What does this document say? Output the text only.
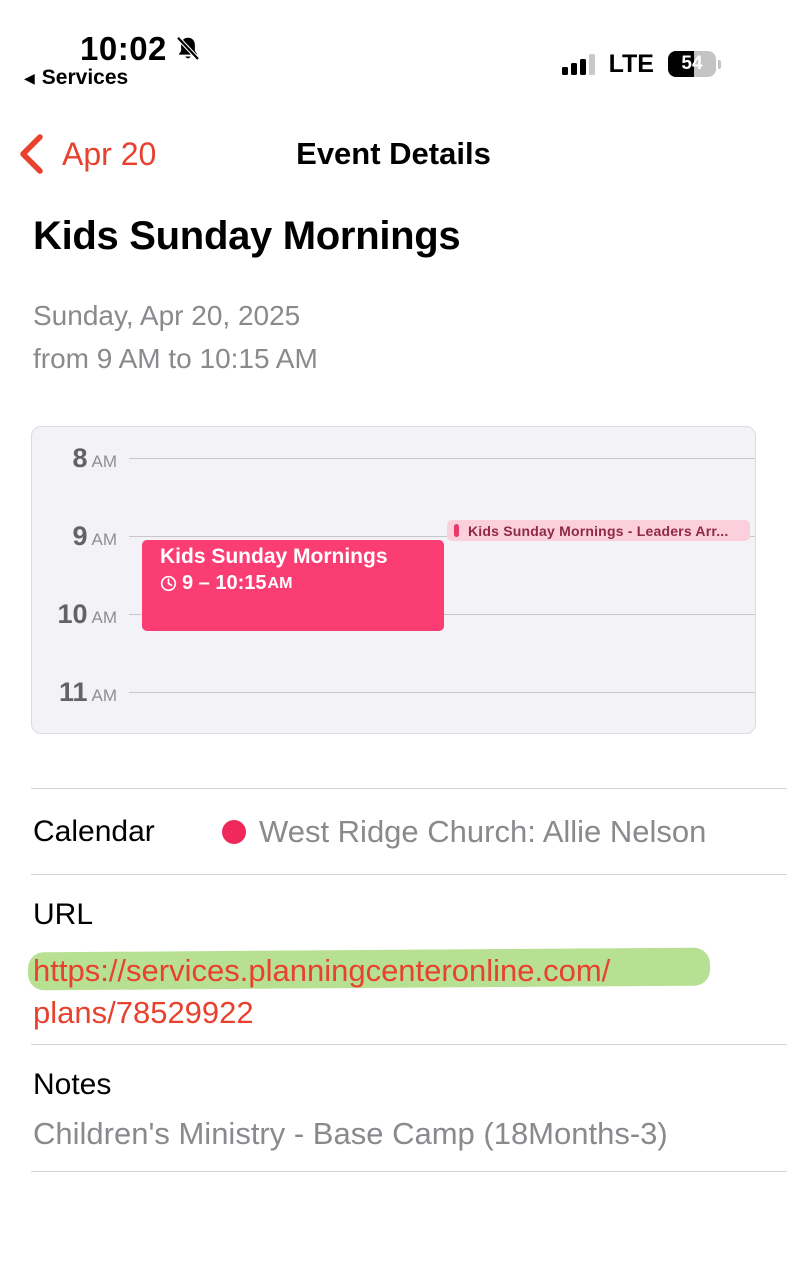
10:02
◀ Services	LTE	54
Apr 20	Event Details
Kids Sunday Mornings
Sunday, Apr 20, 2025
from 9 AM to 10:15 AM
8 AM
9 AM
10 AM
11 AM
Kids Sunday Mornings
9 – 10:15 AM
Kids Sunday Mornings - Leaders Arr...
Calendar	West Ridge Church: Allie Nelson
URL
https://services.planningcenteronline.com/
plans/78529922
Notes
Children's Ministry - Base Camp (18Months-3)
